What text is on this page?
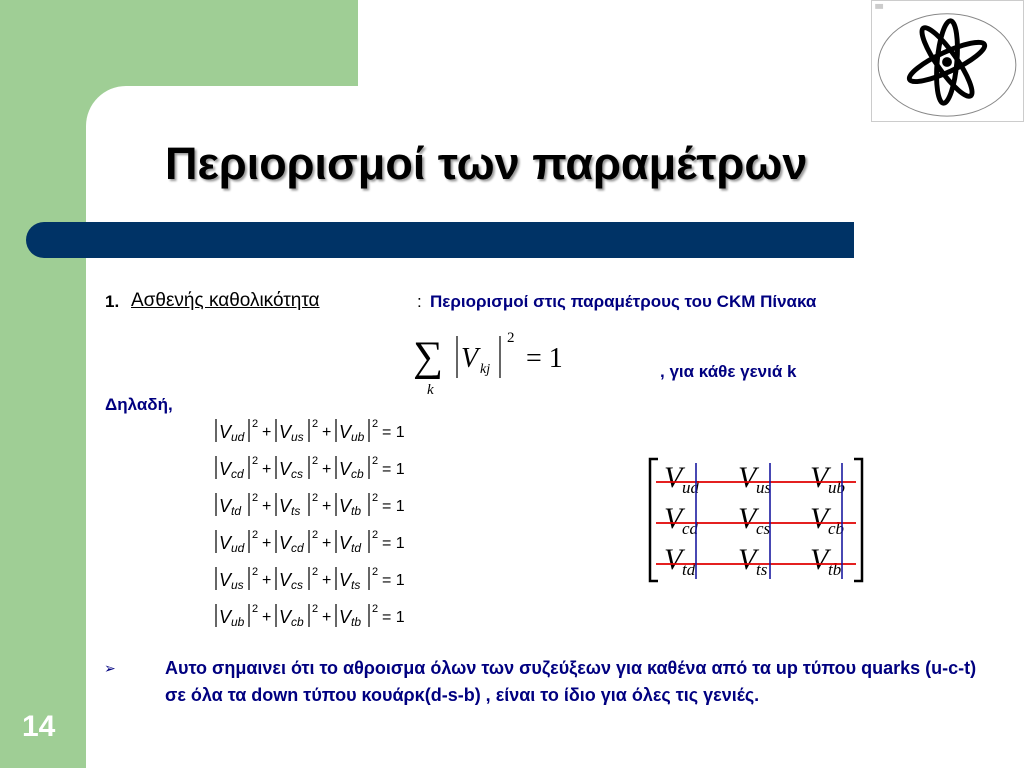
Περιορισμοί των παραμέτρων
1. Ασθενής καθολικότητα	: Περιορισμοί στις παραμέτρους του CKM Πίνακα
∑
k
V kj
2
= 1	, για κάθε γενιά k
Δηλαδή,
V ud
2 + V us
2 + V ub
2 = 1
V cd
2 + V cs
2 + V cb
2 = 1
V td
2 + V ts
2 + V tb
2 = 1
V ud
2 + V cd
2 + V td
2 = 1
V us
2 + V cs
2 + V ts
2 = 1
V ub
2 + V cb
2 + V tb
2 = 1
V ud V us V ub
V cd V cs V cb
V td V ts V tb
➢	Αυτο σημαινει ότι το αθροισμα όλων των συζεύξεων για καθένα από τα up τύπου quarks (u-c-t) σε όλα τα down τύπου κουάρκ(d-s-b) , είναι το ίδιο για όλες τις γενιές.

14
